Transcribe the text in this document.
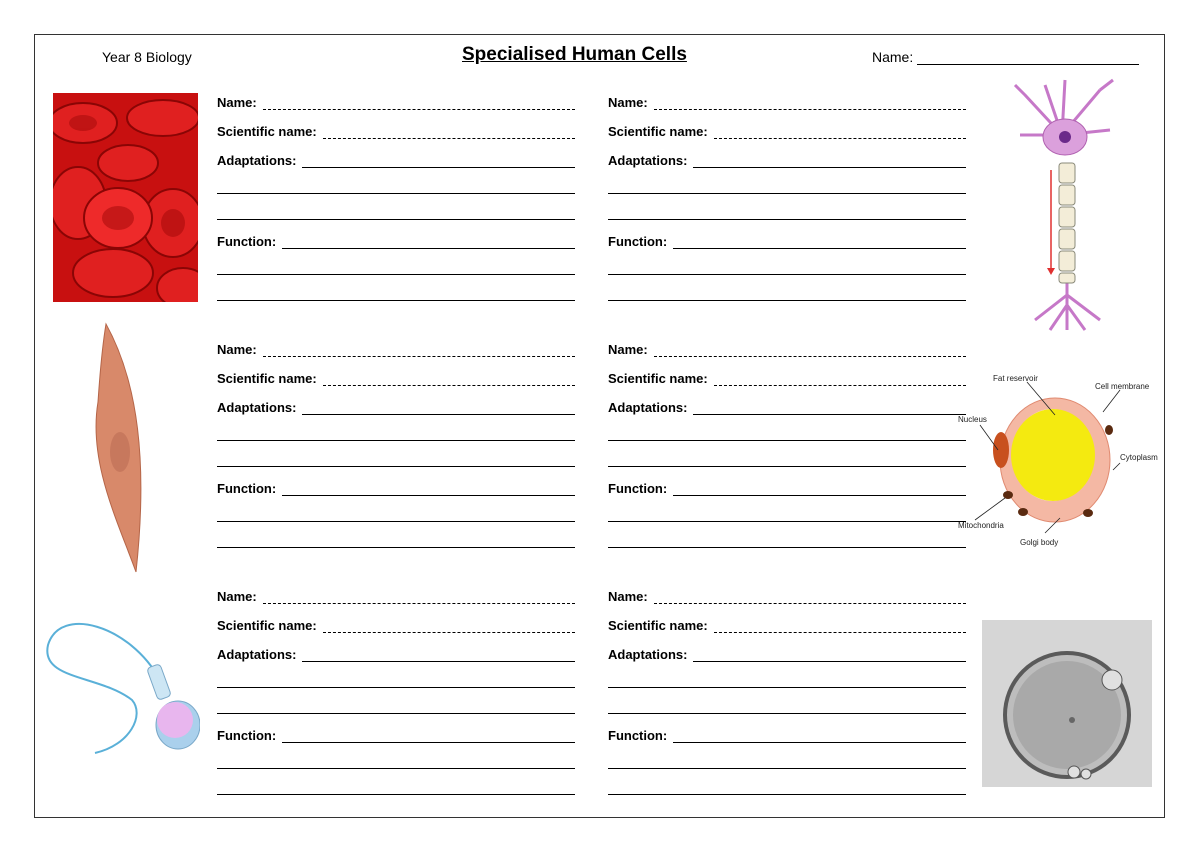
Year 8 Biology	Specialised Human Cells	Name:
Name:
Scientific name:
Adaptations:
Function:
Name:
Scientific name:
Adaptations:
Function:
Name:
Scientific name:
Adaptations:
Function:
Name:
Scientific name:
Adaptations:
Function:
Name:
Scientific name:
Adaptations:
Function:
Name:
Scientific name:
Adaptations:
Function:
Fat reservoir
Cell membrane
Nucleus
Cytoplasm
Mitochondria
Golgi body
